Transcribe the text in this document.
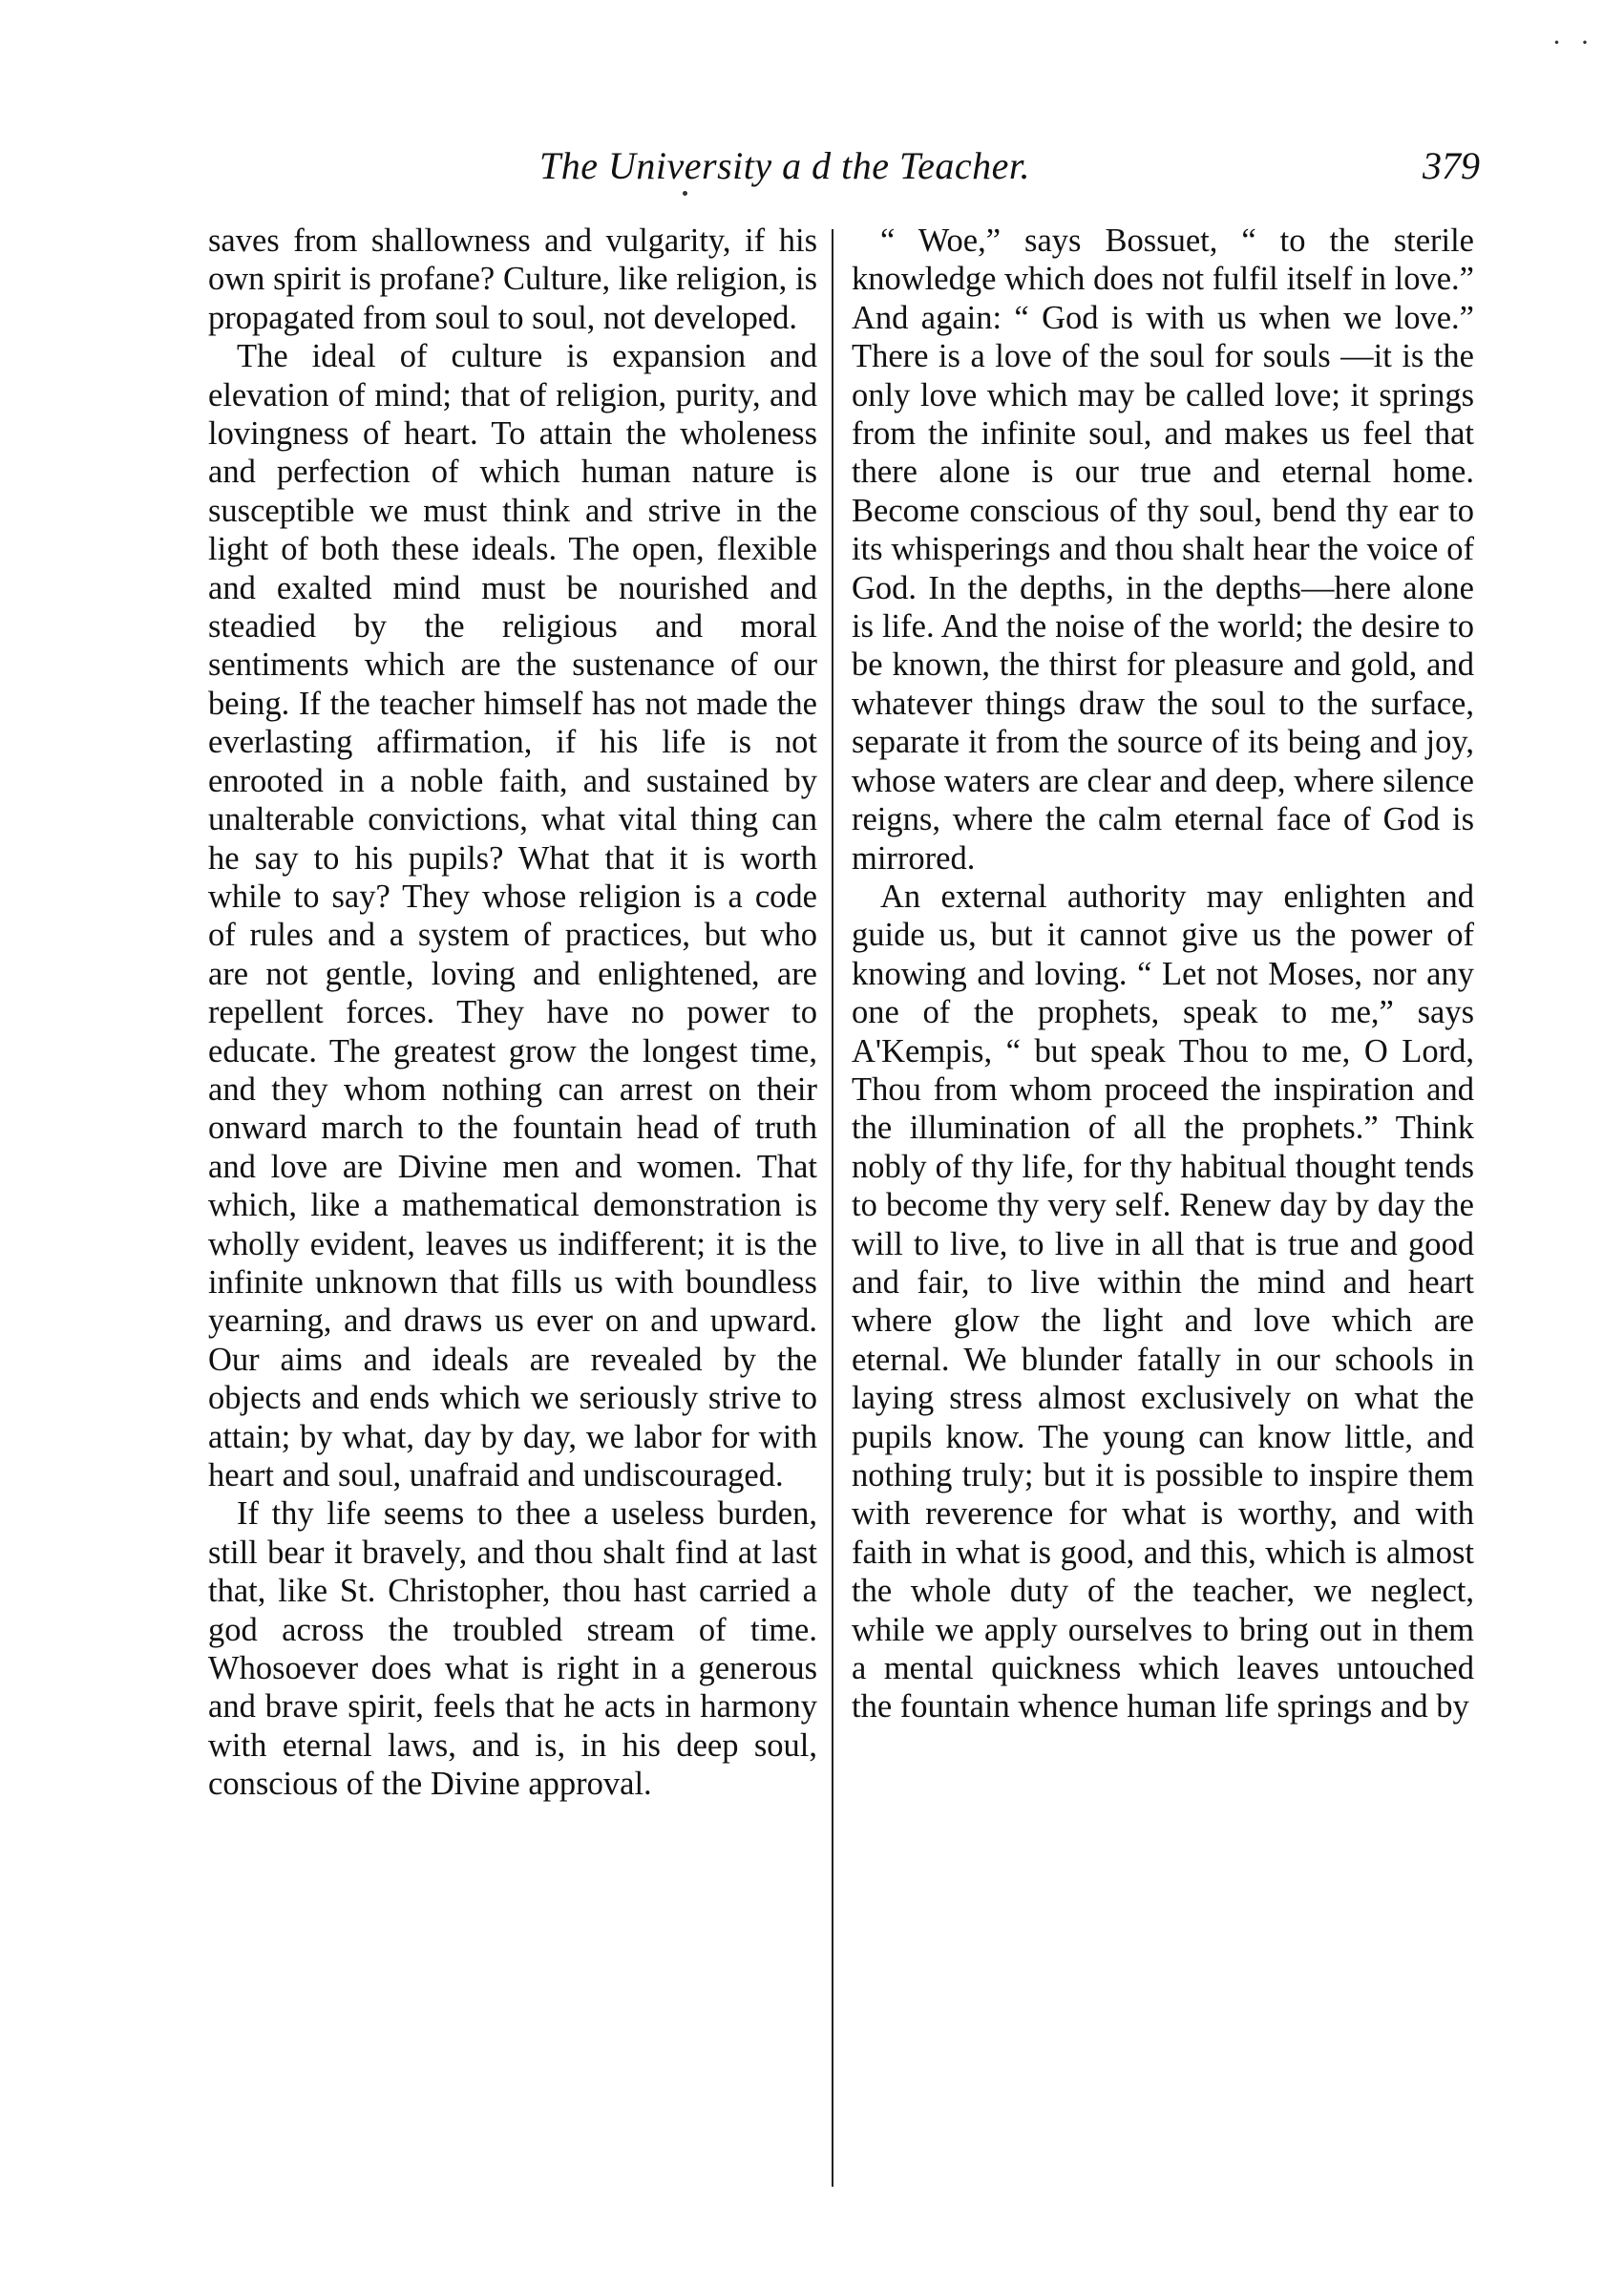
· ·
The University a d the Teacher.	379

saves from shallowness and vulgarity, if his own spirit is profane? Culture, like religion, is propagated from soul to soul, not developed.

The ideal of culture is expansion and elevation of mind; that of religion, purity, and lovingness of heart. To attain the wholeness and perfection of which human nature is susceptible we must think and strive in the light of both these ideals. The open, flexible and exalted mind must be nourished and steadied by the religious and moral sentiments which are the sustenance of our being. If the teacher himself has not made the everlasting affirmation, if his life is not enrooted in a noble faith, and sustained by unalterable convictions, what vital thing can he say to his pupils? What that it is worth while to say? They whose religion is a code of rules and a system of practices, but who are not gentle, loving and enlightened, are repellent forces. They have no power to educate. The greatest grow the longest time, and they whom nothing can arrest on their onward march to the fountain head of truth and love are Divine men and women. That which, like a mathematical demonstration is wholly evident, leaves us indifferent; it is the infinite unknown that fills us with boundless yearning, and draws us ever on and upward. Our aims and ideals are revealed by the objects and ends which we seriously strive to attain; by what, day by day, we labor for with heart and soul, unafraid and undiscouraged.

If thy life seems to thee a useless burden, still bear it bravely, and thou shalt find at last that, like St. Christopher, thou hast carried a god across the troubled stream of time. Whosoever does what is right in a generous and brave spirit, feels that he acts in harmony with eternal laws, and is, in his deep soul, conscious of the Divine approval.

“ Woe,” says Bossuet, “ to the sterile knowledge which does not fulfil itself in love.” And again: “ God is with us when we love.” There is a love of the soul for souls —it is the only love which may be called love; it springs from the infinite soul, and makes us feel that there alone is our true and eternal home. Become conscious of thy soul, bend thy ear to its whisperings and thou shalt hear the voice of God. In the depths, in the depths—here alone is life. And the noise of the world; the desire to be known, the thirst for pleasure and gold, and whatever things draw the soul to the surface, separate it from the source of its being and joy, whose waters are clear and deep, where silence reigns, where the calm eternal face of God is mirrored.

An external authority may enlighten and guide us, but it cannot give us the power of knowing and loving. “ Let not Moses, nor any one of the prophets, speak to me,” says A'Kempis, “ but speak Thou to me, O Lord, Thou from whom proceed the inspiration and the illumination of all the prophets.” Think nobly of thy life, for thy habitual thought tends to become thy very self. Renew day by day the will to live, to live in all that is true and good and fair, to live within the mind and heart where glow the light and love which are eternal. We blunder fatally in our schools in laying stress almost exclusively on what the pupils know. The young can know little, and nothing truly; but it is possible to inspire them with reverence for what is worthy, and with faith in what is good, and this, which is almost the whole duty of the teacher, we neglect, while we apply ourselves to bring out in them a mental quickness which leaves untouched the fountain whence human life springs and by
